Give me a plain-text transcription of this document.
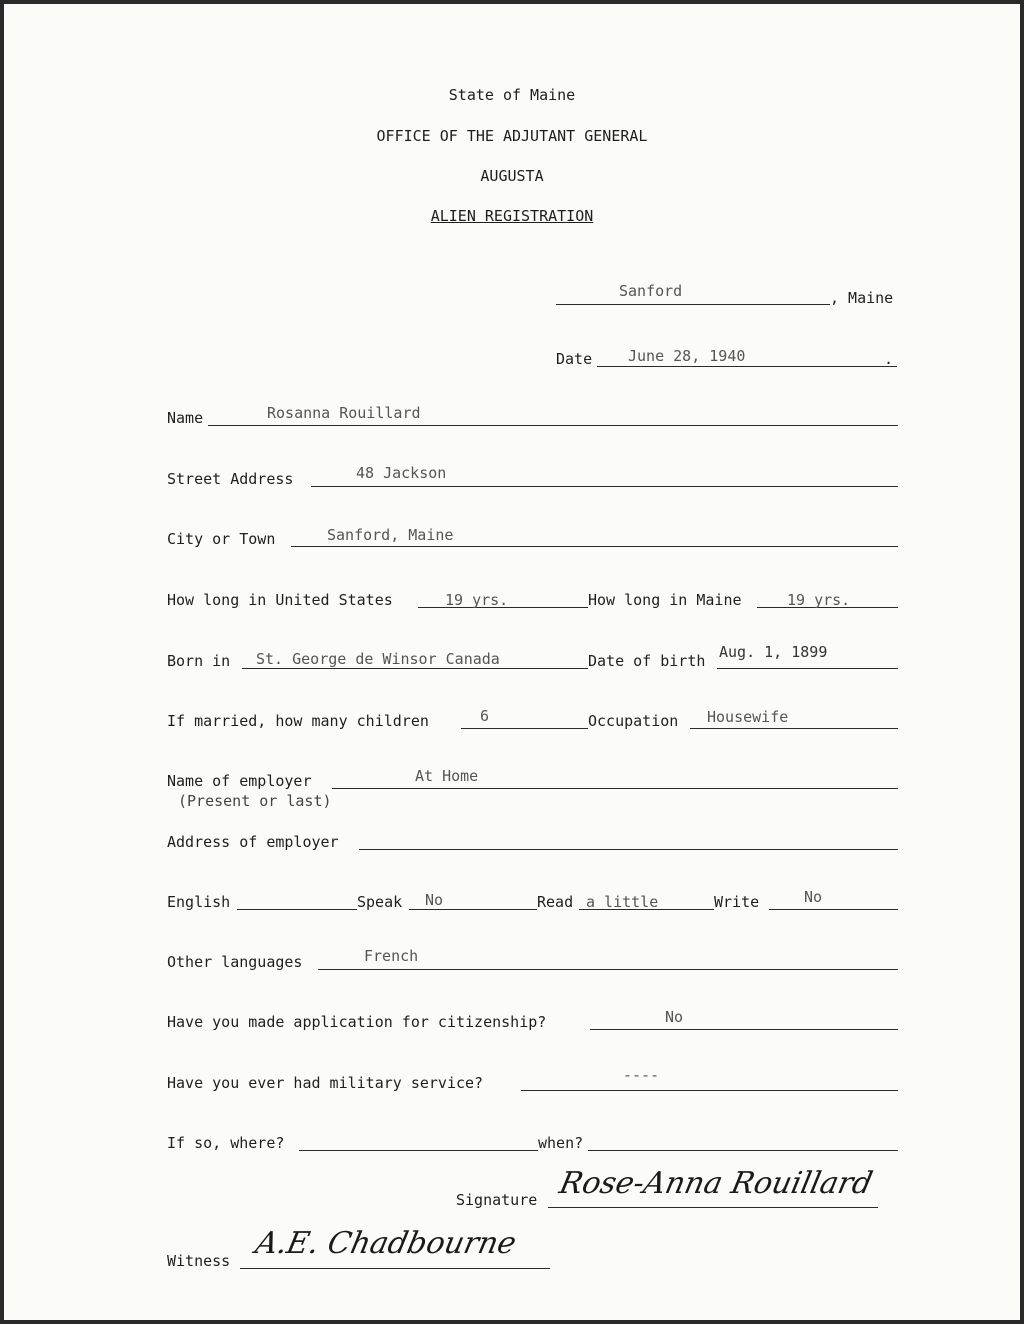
State of Maine
OFFICE OF THE ADJUTANT GENERAL
AUGUSTA
ALIEN REGISTRATION
Sanford	, Maine
Date June 28, 1940	.
Name	Rosanna Rouillard
Street Address	48 Jackson
City or Town	Sanford, Maine
How long in United States	19 yrs.	How long in Maine	19 yrs.
Born in St. George de Winsor Canada	Date of birth Aug. 1, 1899
If married, how many children	6	Occupation Housewife
Name of employer	At Home
(Present or last)
Address of employer
English	Speak No	Read a little	Write	No
Other languages	French
Have you made application for citizenship?	No
Have you ever had military service?	----
If so, where?	when?
Signature Rose-Anna Rouillard
Witness A.E. Chadbourne
